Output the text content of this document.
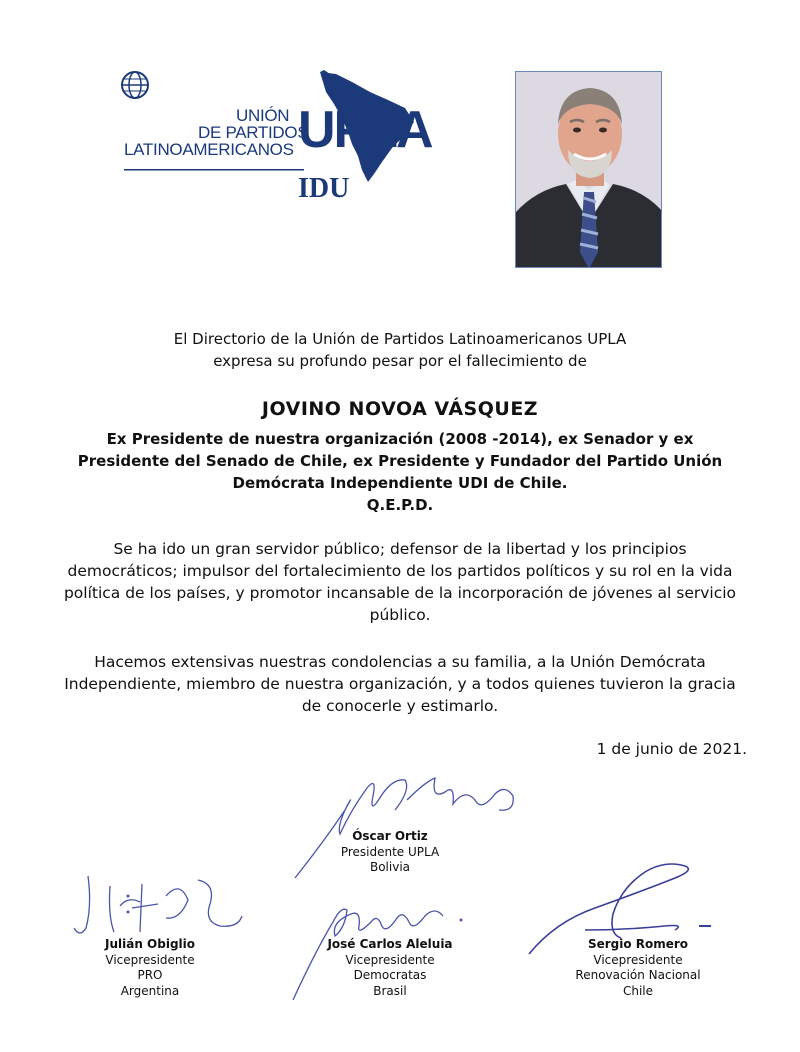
UNIÓN
DE PARTIDOS
LATINOAMERICANOS UPLA
IDU
El Directorio de la Unión de Partidos Latinoamericanos UPLA
expresa su profundo pesar por el fallecimiento de
JOVINO NOVOA VÁSQUEZ
Ex Presidente de nuestra organización (2008 -2014), ex Senador y ex
Presidente del Senado de Chile, ex Presidente y Fundador del Partido Unión
Demócrata Independiente UDI de Chile.
Q.E.P.D.
Se ha ido un gran servidor público; defensor de la libertad y los principios
democráticos; impulsor del fortalecimiento de los partidos políticos y su rol en la vida
política de los países, y promotor incansable de la incorporación de jóvenes al servicio
público.
Hacemos extensivas nuestras condolencias a su familia, a la Unión Demócrata
Independiente, miembro de nuestra organización, y a todos quienes tuvieron la gracia
de conocerle y estimarlo.
1 de junio de 2021.
Óscar Ortiz
Presidente UPLA
Bolivia
Julián Obiglio
Vicepresidente
PRO
Argentina
José Carlos Aleluia
Vicepresidente
Democratas
Brasil
Sergio Romero
Vicepresidente
Renovación Nacional
Chile
